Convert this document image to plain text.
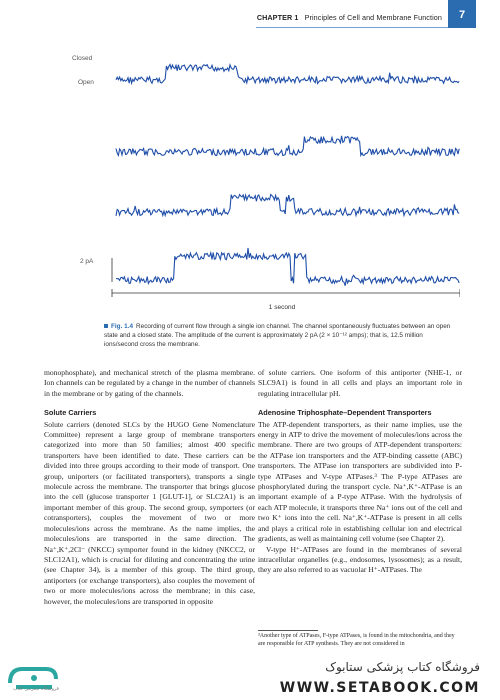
CHAPTER 1 Principles of Cell and Membrane Function	7
Closed
Open
2 pA
1 second
Fig. 1.4 Recording of current flow through a single ion channel. The channel spontaneously fluctuates between an open state and a closed state. The amplitude of the current is approximately 2 pA (2 × 10⁻¹² amps); that is, 12.5 million ions/second cross the membrane.

monophosphate), and mechanical stretch of the plasma membrane. Ion channels can be regulated by a change in the number of channels in the membrane or by gating of the channels.

Solute Carriers

Solute carriers (denoted SLCs by the HUGO Gene Nomenclature Committee) represent a large group of membrane transporters categorized into more than 50 families; almost 400 specific transporters have been identified to date. These carriers can be divided into three groups according to their mode of transport. One group, uniporters (or facilitated transporters), transports a single molecule across the membrane. The transporter that brings glucose into the cell (glucose transporter 1 [GLUT-1], or SLC2A1) is an important member of this group. The second group, symporters (or cotransporters), couples the movement of two or more molecules/ions across the membrane. As the name implies, the molecules/ions are transported in the same direction. The Na⁺,K⁺,2Cl⁻ (NKCC) symporter found in the kidney (NKCC2, or SLC12A1), which is crucial for diluting and concentrating the urine (see Chapter 34), is a member of this group. The third group, antiporters (or exchange transporters), also couples the movement of two or more molecules/ions across the membrane; in this case, however, the molecules/ions are transported in opposite

of solute carriers. One isoform of this antiporter (NHE-1, or SLC9A1) is found in all cells and plays an important role in regulating intracellular pH.

Adenosine Triphosphate–Dependent Transporters

The ATP-dependent transporters, as their name implies, use the energy in ATP to drive the movement of molecules/ions across the membrane. There are two groups of ATP-dependent transporters: the ATPase ion transporters and the ATP-binding cassette (ABC) transporters. The ATPase ion transporters are subdivided into P-type ATPases and V-type ATPases.³ The P-type ATPases are phosphorylated during the transport cycle. Na⁺,K⁺-ATPase is an important example of a P-type ATPase. With the hydrolysis of each ATP molecule, it transports three Na⁺ ions out of the cell and two K⁺ ions into the cell. Na⁺,K⁺-ATPase is present in all cells and plays a critical role in establishing cellular ion and electrical gradients, as well as maintaining cell volume (see Chapter 2).

V-type H⁺-ATPases are found in the membranes of several intracellular organelles (e.g., endosomes, lysosomes); as a result, they are also referred to as vacuolar H⁺-ATPases. The

³Another type of ATPases, F-type ATPases, is found in the mitochondria, and they are responsible for ATP synthesis. They are not considered in
فروشگاه اینترنتی کتاب
فروشگاه کتاب پزشکی ستابوک
WWW.SETABOOK.COM
